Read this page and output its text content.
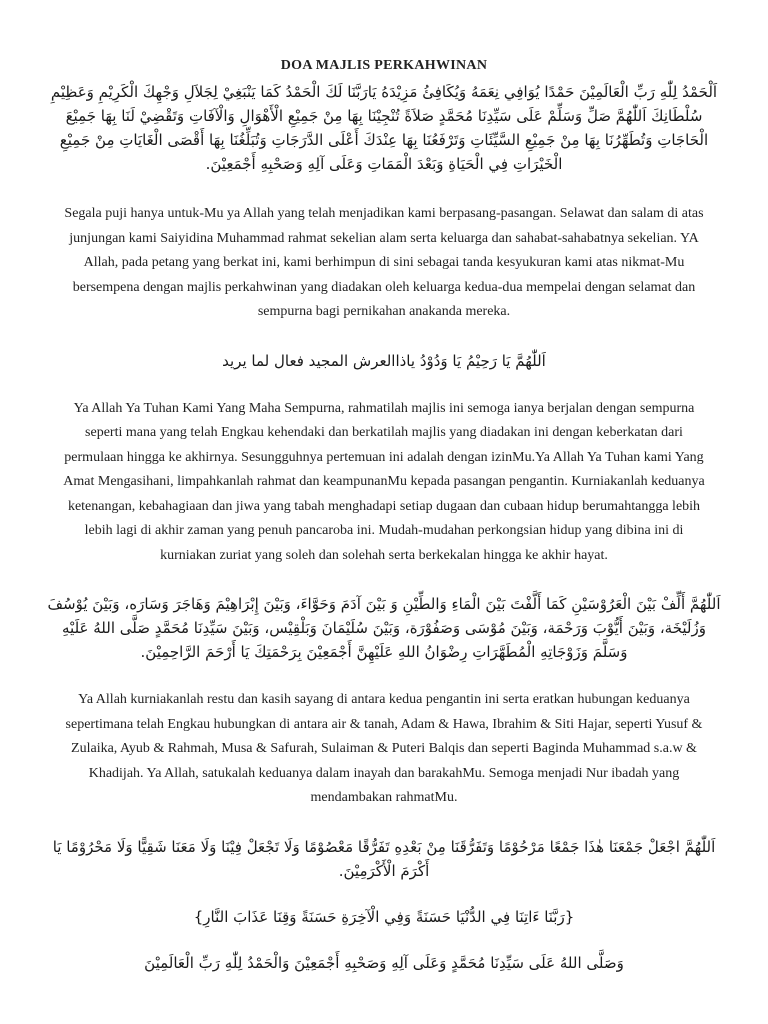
DOA MAJLIS PERKAHWINAN

اَلْحَمْدُ لِلّٰهِ رَبِّ الْعَالَمِيْنَ حَمْدًا يُوَافِي نِعَمَهُ وَيُكَافِئُ مَزِيْدَهُ يَارَبَّنَا لَكَ الْحَمْدُ كَمَا يَنْبَغِيْ لِجَلاَلِ وَجْهِكَ الْكَرِيْمِ وَعَظِيْمِ سُلْطَانِكَ اَللّٰهُمَّ صَلِّ وَسَلِّمْ عَلَى سَيِّدِنَا مُحَمَّدٍ صَلاَةً تُنْجِيْنَا بِهَا مِنْ جَمِيْعِ الْأَهْوَالِ وَالْآفَاتِ وَتَقْضِيْ لَنَا بِهَا جَمِيْعَ الْحَاجَاتِ وَتُطَهِّرُنَا بِهَا مِنْ جَمِيْعِ السَّيِّئَاتِ وَتَرْفَعُنَا بِهَا عِنْدَكَ أَعْلَى الدَّرَجَاتِ وَتُبَلِّغُنَا بِهَا أَقْصَى الْغَايَاتِ مِنْ جَمِيْعِ الْخَيْرَاتِ فِي الْحَيَاةِ وَبَعْدَ الْمَمَاتِ وَعَلَى آلِهِ وَصَحْبِهِ أَجْمَعِيْنَ.

Segala puji hanya untuk-Mu ya Allah yang telah menjadikan kami berpasang-pasangan. Selawat dan salam di atas junjungan kami Saiyidina Muhammad rahmat sekelian alam serta keluarga dan sahabat-sahabatnya sekelian. YA Allah, pada petang yang berkat ini, kami berhimpun di sini sebagai tanda kesyukuran kami atas nikmat-Mu bersempena dengan majlis perkahwinan yang diadakan oleh keluarga kedua-dua mempelai dengan selamat dan sempurna bagi pernikahan anakanda mereka.

اَللّٰهُمَّ يَا رَحِيْمُ يَا وَدُوْدُ ياذاالعرش المجيد فعال لما يريد

Ya Allah Ya Tuhan Kami Yang Maha Sempurna, rahmatilah majlis ini semoga ianya berjalan dengan sempurna seperti mana yang telah Engkau kehendaki dan berkatilah majlis yang diadakan ini dengan keberkatan dari permulaan hingga ke akhirnya. Sesungguhnya pertemuan ini adalah dengan izinMu.Ya Allah Ya Tuhan kami Yang Amat Mengasihani, limpahkanlah rahmat dan keampunanMu kepada pasangan pengantin. Kurniakanlah keduanya ketenangan, kebahagiaan dan jiwa yang tabah menghadapi setiap dugaan dan cubaan hidup berumahtangga lebih lebih lagi di akhir zaman yang penuh pancaroba ini. Mudah-mudahan perkongsian hidup yang dibina ini di kurniakan zuriat yang soleh dan solehah serta berkekalan hingga ke akhir hayat.

اَللّٰهُمَّ أَلِّفْ بَيْنَ الْعَرُوْسَيْنِ كَمَا أَلَّفْتَ بَيْنَ الْمَاءِ وَالطِّيْنِ وَ بَيْنَ آدَمَ وَحَوَّاءَ، وَبَيْنَ إِبْرَاهِيْمَ وَهَاجَرَ وَسَارَه، وَبَيْنَ يُوْسُفَ وَزُلَيْخَة، وَبَيْنَ أَيُّوْبَ وَرَحْمَة، وَبَيْنَ مُوْسَى وَصَفُوْرَة، وَبَيْنَ سُلَيْمَانَ وَبَلْقِيْس، وَبَيْنَ سَيِّدِنَا مُحَمَّدٍ صَلَّى اللهُ عَلَيْهِ وَسَلَّمَ وَزَوْجَاتِهِ الْمُطَهَّرَاتِ رِضْوَانُ اللهِ عَلَيْهِنَّ أَجْمَعِيْنَ بِرَحْمَتِكَ يَا أَرْحَمَ الرَّاحِمِيْنَ.

Ya Allah kurniakanlah restu dan kasih sayang di antara kedua pengantin ini serta eratkan hubungan keduanya sepertimana telah Engkau hubungkan di antara air & tanah, Adam & Hawa, Ibrahim & Siti Hajar, seperti Yusuf & Zulaika, Ayub & Rahmah, Musa & Safurah, Sulaiman & Puteri Balqis dan seperti Baginda Muhammad s.a.w & Khadijah. Ya Allah, satukalah keduanya dalam inayah dan barakahMu. Semoga menjadi Nur ibadah yang mendambakan rahmatMu.

اَللّٰهُمَّ اجْعَلْ جَمْعَنَا هٰذَا جَمْعًا مَرْحُوْمًا وَتَفَرُّقَنَا مِنْ بَعْدِهِ تَفَرُّقًا مَعْصُوْمًا وَلَا تَجْعَلْ فِيْنَا وَلَا مَعَنَا شَقِيًّا وَلَا مَحْرُوْمًا يَا أَكْرَمَ الْأَكْرَمِيْنَ.

{رَبَّنَا ءَاتِنَا فِي الدُّنْيَا حَسَنَةً وَفِي الْآخِرَةِ حَسَنَةً وَقِنَا عَذَابَ النَّارِ}

وَصَلَّى اللهُ عَلَى سَيِّدِنَا مُحَمَّدٍ وَعَلَى آلِهِ وَصَحْبِهِ أَجْمَعِيْنَ وَالْحَمْدُ لِلّٰهِ رَبِّ الْعَالَمِيْنَ
